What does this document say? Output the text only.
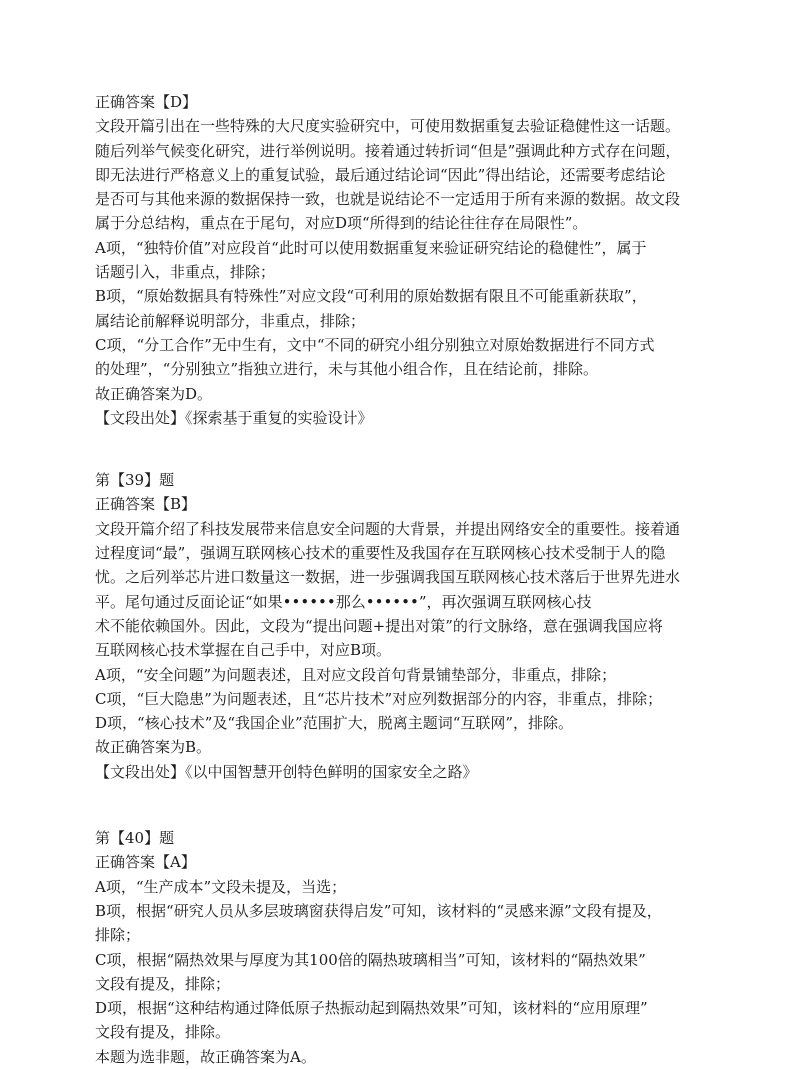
正确答案【D】
文段开篇引出在一些特殊的大尺度实验研究中，可使用数据重复去验证稳健性这一话题。
随后列举气候变化研究，进行举例说明。接着通过转折词“但是”强调此种方式存在问题，
即无法进行严格意义上的重复试验，最后通过结论词“因此”得出结论，还需要考虑结论
是否可与其他来源的数据保持一致，也就是说结论不一定适用于所有来源的数据。故文段
属于分总结构，重点在于尾句，对应D项“所得到的结论往往存在局限性”。
A项，“独特价值”对应段首“此时可以使用数据重复来验证研究结论的稳健性”，属于
话题引入，非重点，排除；
B项，“原始数据具有特殊性”对应文段“可利用的原始数据有限且不可能重新获取”，
属结论前解释说明部分，非重点，排除；
C项，“分工合作”无中生有，文中“不同的研究小组分别独立对原始数据进行不同方式
的处理”，“分别独立”指独立进行，未与其他小组合作，且在结论前，排除。
故正确答案为D。
【文段出处】《探索基于重复的实验设计》
第【39】题
正确答案【B】
文段开篇介绍了科技发展带来信息安全问题的大背景，并提出网络安全的重要性。接着通
过程度词“最”，强调互联网核心技术的重要性及我国存在互联网核心技术受制于人的隐
忧。之后列举芯片进口数量这一数据，进一步强调我国互联网核心技术落后于世界先进水
平。尾句通过反面论证“如果••••••那么••••••”，再次强调互联网核心技
术不能依赖国外。因此，文段为“提出问题+提出对策”的行文脉络，意在强调我国应将
互联网核心技术掌握在自己手中，对应B项。
A项，“安全问题”为问题表述，且对应文段首句背景铺垫部分，非重点，排除；
C项，“巨大隐患”为问题表述，且“芯片技术”对应列数据部分的内容，非重点，排除；
D项，“核心技术”及“我国企业”范围扩大，脱离主题词“互联网”，排除。
故正确答案为B。
【文段出处】《以中国智慧开创特色鲜明的国家安全之路》
第【40】题
正确答案【A】
A项，“生产成本”文段未提及，当选；
B项，根据“研究人员从多层玻璃窗获得启发”可知，该材料的“灵感来源”文段有提及，
排除；
C项，根据“隔热效果与厚度为其100倍的隔热玻璃相当”可知，该材料的“隔热效果”
文段有提及，排除；
D项，根据“这种结构通过降低原子热振动起到隔热效果”可知，该材料的“应用原理”
文段有提及，排除。
本题为选非题，故正确答案为A。
